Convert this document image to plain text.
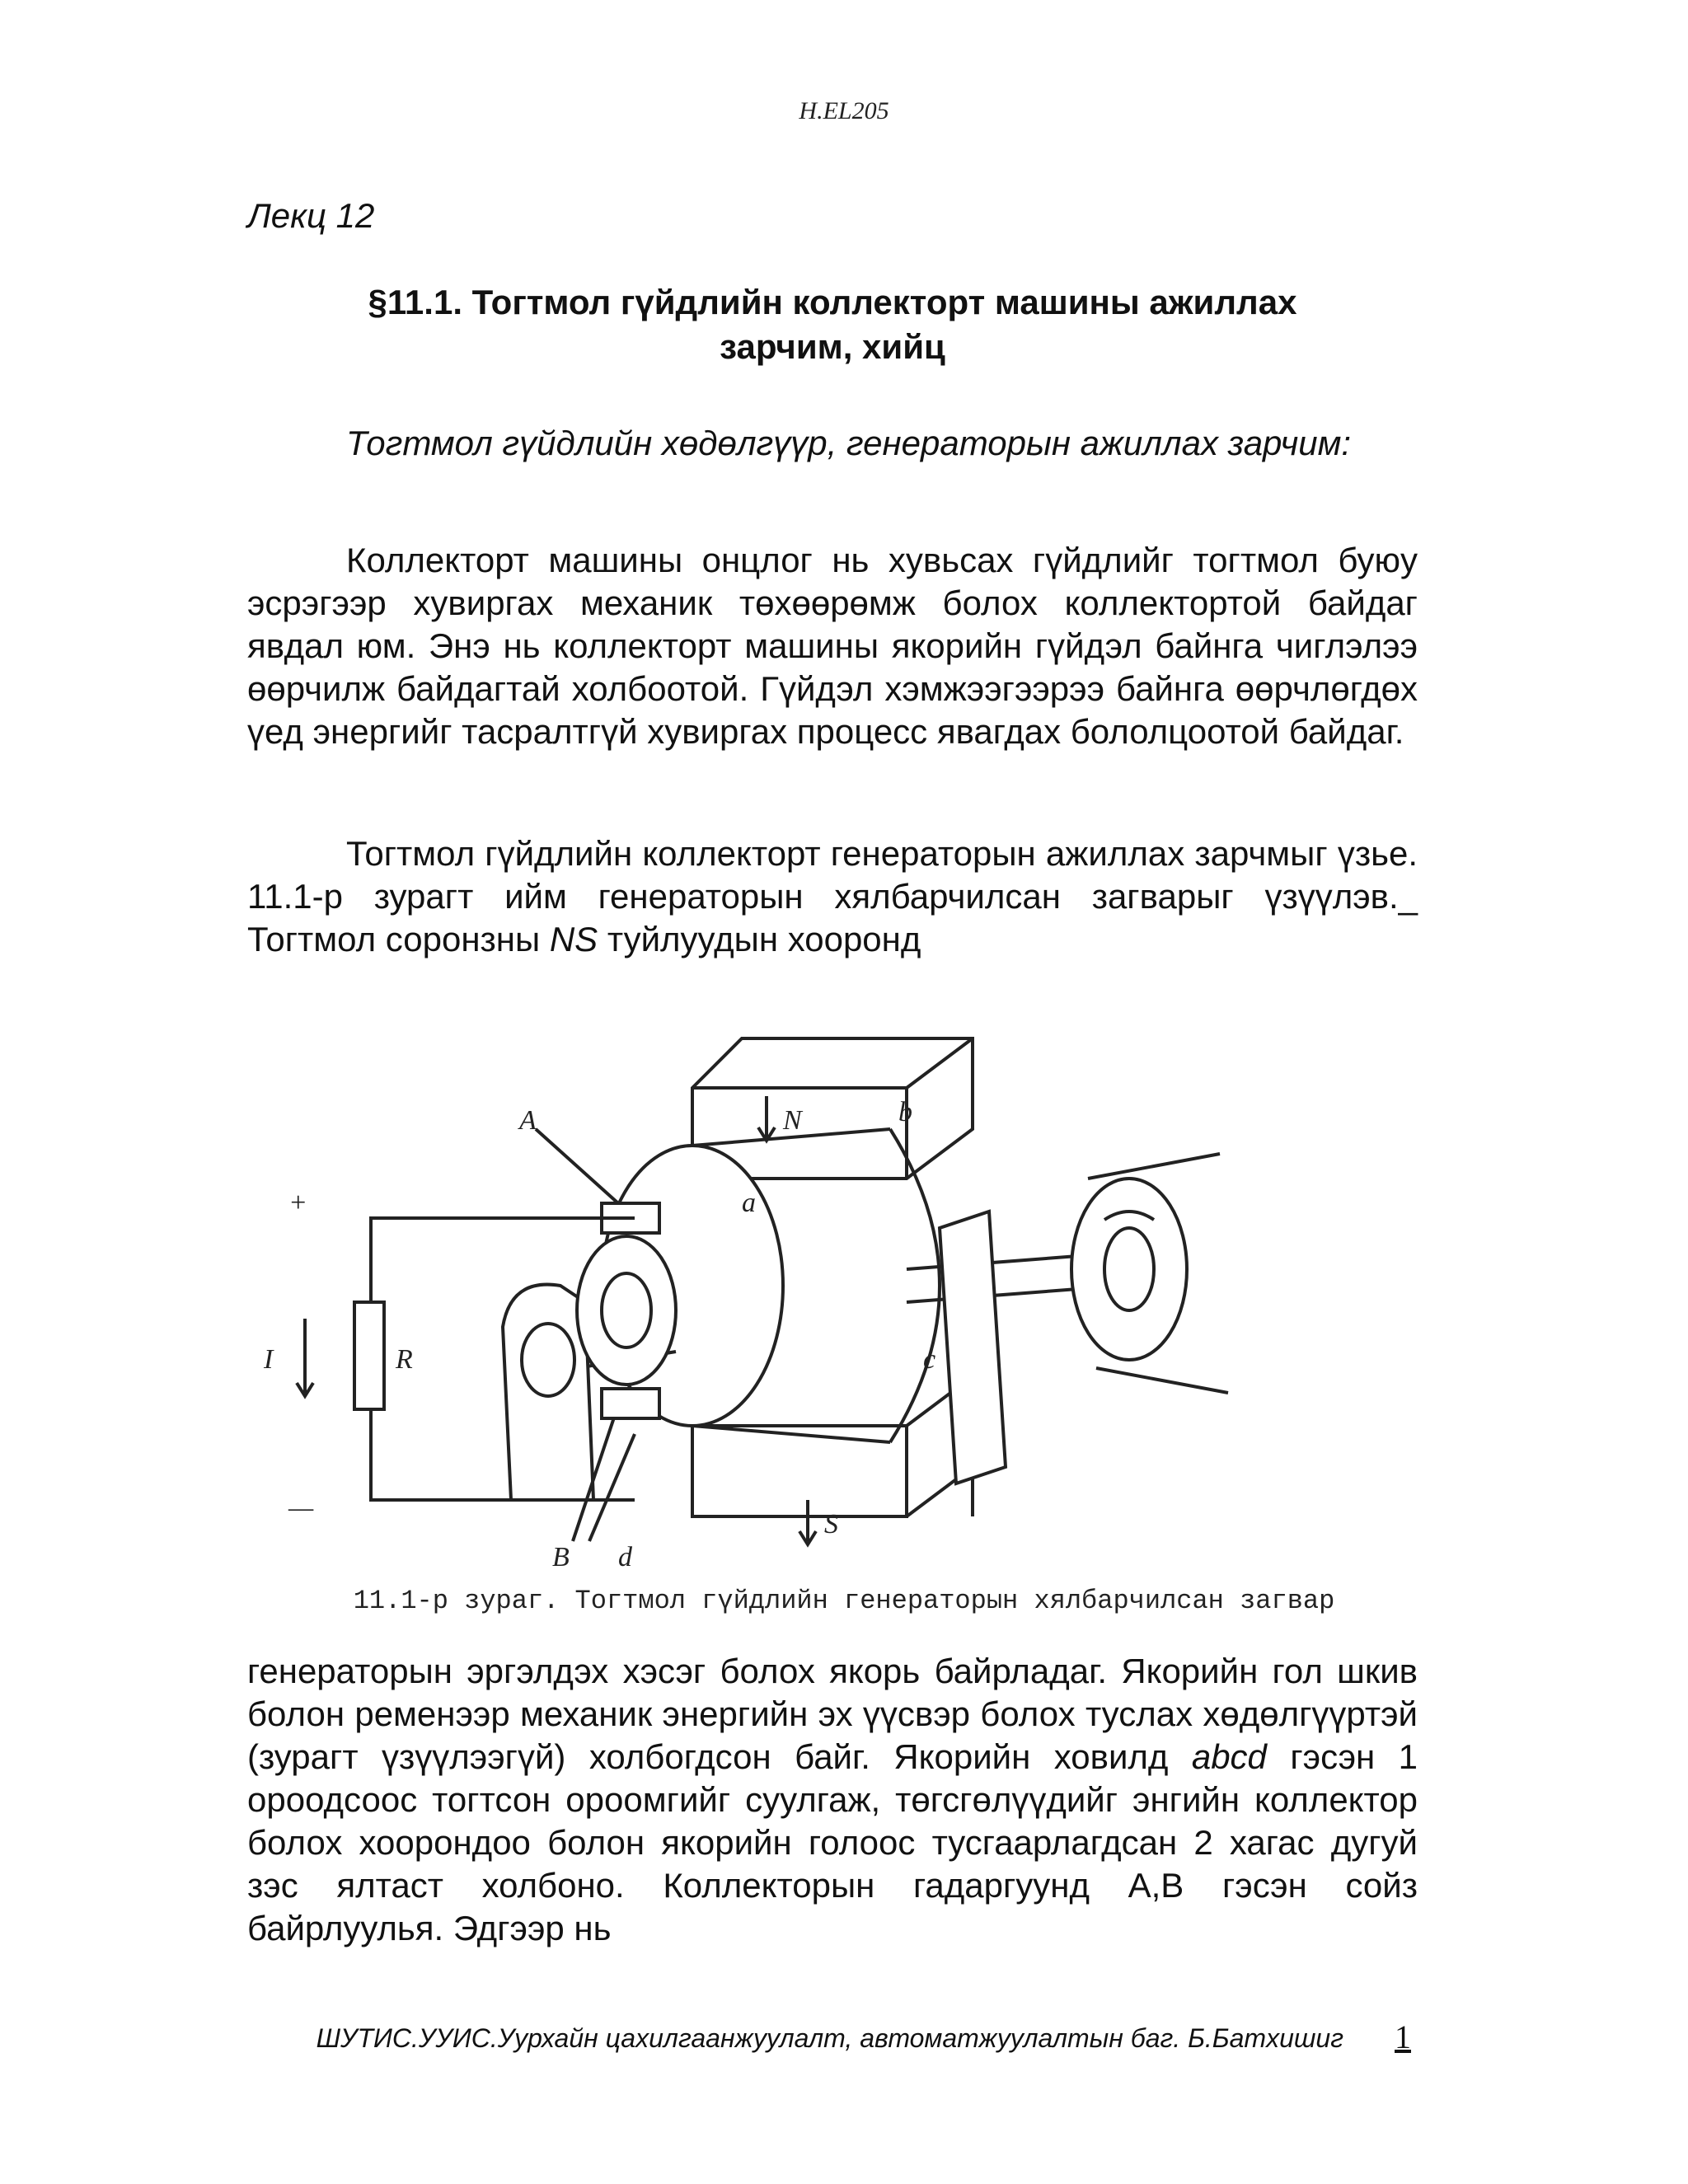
H.EL205
Лекц 12
§11.1. Тогтмол гүйдлийн коллекторт машины ажиллах
зарчим, хийц

Тогтмол гүйдлийн хөдөлгүүр, генераторын ажиллах зарчим:

Коллекторт машины онцлог нь хувьсах гүйдлийг тогтмол буюу эсрэгээр хувиргах механик төхөөрөмж болох коллектортой байдаг явдал юм. Энэ нь коллекторт машины якорийн гүйдэл байнга чиглэлээ өөрчилж байдагтай холбоотой. Гүйдэл хэмжээгээрээ байнга өөрчлөгдөх үед энергийг тасралтгүй хувиргах процесс явагдах бололцоотой байдаг.

Тогтмол гүйдлийн коллекторт генераторын ажиллах зарчмыг үзье. 11.1-р зурагт ийм генераторын хялбарчилсан загварыг үзүүлэв._ Тогтмол соронзны NS туйлуудын хооронд

+
—
I	R
A
B
N
S
a
b
c
d
11.1-р зураг. Тогтмол гүйдлийн генераторын хялбарчилсан загвар

генераторын эргэлдэх хэсэг болох якорь байрладаг. Якорийн гол шкив болон ременээр механик энергийн эх үүсвэр болох туслах хөдөлгүүртэй (зурагт үзүүлээгүй) холбогдсон байг. Якорийн ховилд abcd гэсэн 1 ороодсоос тогтсон ороомгийг суулгаж, төгсгөлүүдийг энгийн коллектор болох хоорондоо болон якорийн голоос тусгаарлагдсан 2 хагас дугуй зэс ялтаст холбоно. Коллекторын гадаргуунд А,В гэсэн сойз байрлуулья. Эдгээр нь

ШУТИС.УУИС.Уурхайн цахилгаанжуулалт, автоматжуулалтын баг. Б.Батхишиг 1
